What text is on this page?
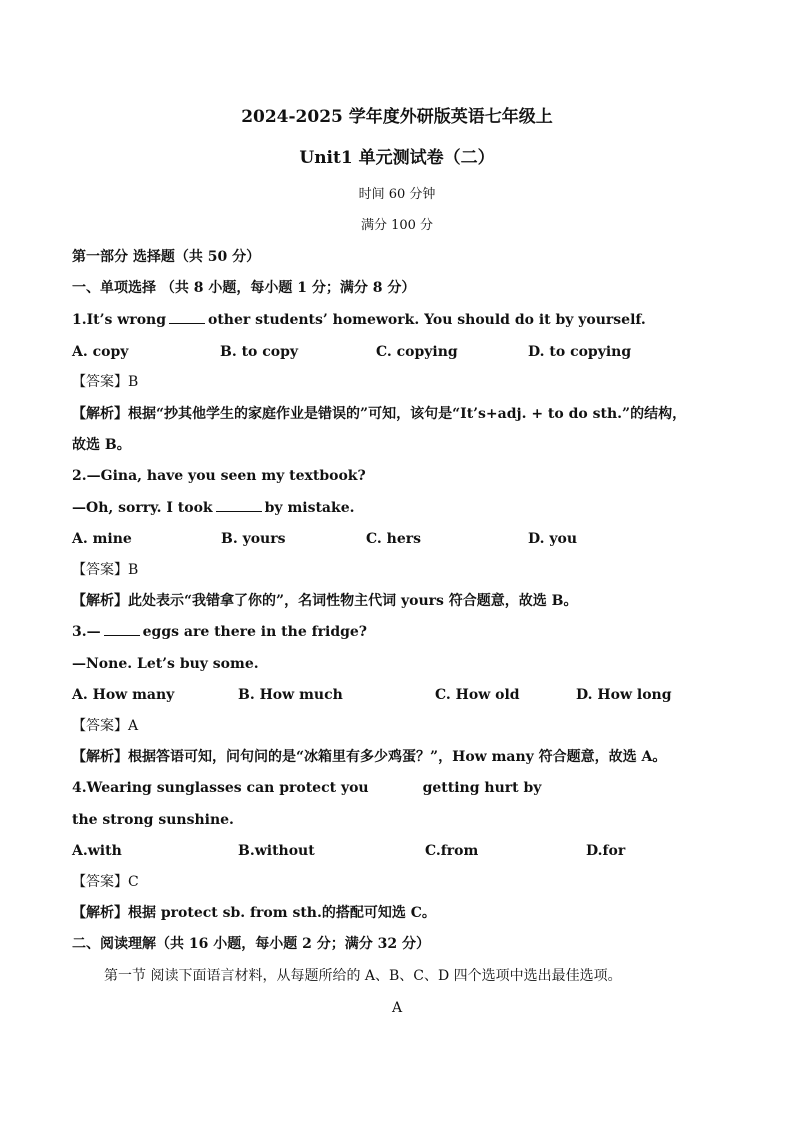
2024-2025 学年度外研版英语七年级上
Unit1 单元测试卷（二）
时间 60 分钟
满分 100 分
第一部分 选择题（共 50 分）
一、单项选择 （共 8 小题，每小题 1 分；满分 8 分）
1.It’s wrong	other students’ homework. You should do it by yourself.
A. copy	B. to copy	C. copying	D. to copying
【答案】B
【解析】根据“抄其他学生的家庭作业是错误的”可知，该句是“It’s+adj. + to do sth.”的结构，
故选 B。
2.—Gina, have you seen my textbook?
—Oh, sorry. I took	by mistake.
A. mine	B. yours	C. hers	D. you
【答案】B
【解析】此处表示“我错拿了你的”，名词性物主代词 yours 符合题意，故选 B。
3.—	eggs are there in the fridge?
—None. Let’s buy some.
A. How many	B. How much	C. How old	D. How long
【答案】A
【解析】根据答语可知，问句问的是“冰箱里有多少鸡蛋？”，How many 符合题意，故选 A。
4.Wearing sunglasses can protect you	getting hurt by
the strong sunshine.
A.with	B.without	C.from	D.for
【答案】C
【解析】根据 protect sb. from sth.的搭配可知选 C。
二、阅读理解（共 16 小题，每小题 2 分；满分 32 分）
第一节 阅读下面语言材料，从每题所给的 A、B、C、D 四个选项中选出最佳选项。
A
